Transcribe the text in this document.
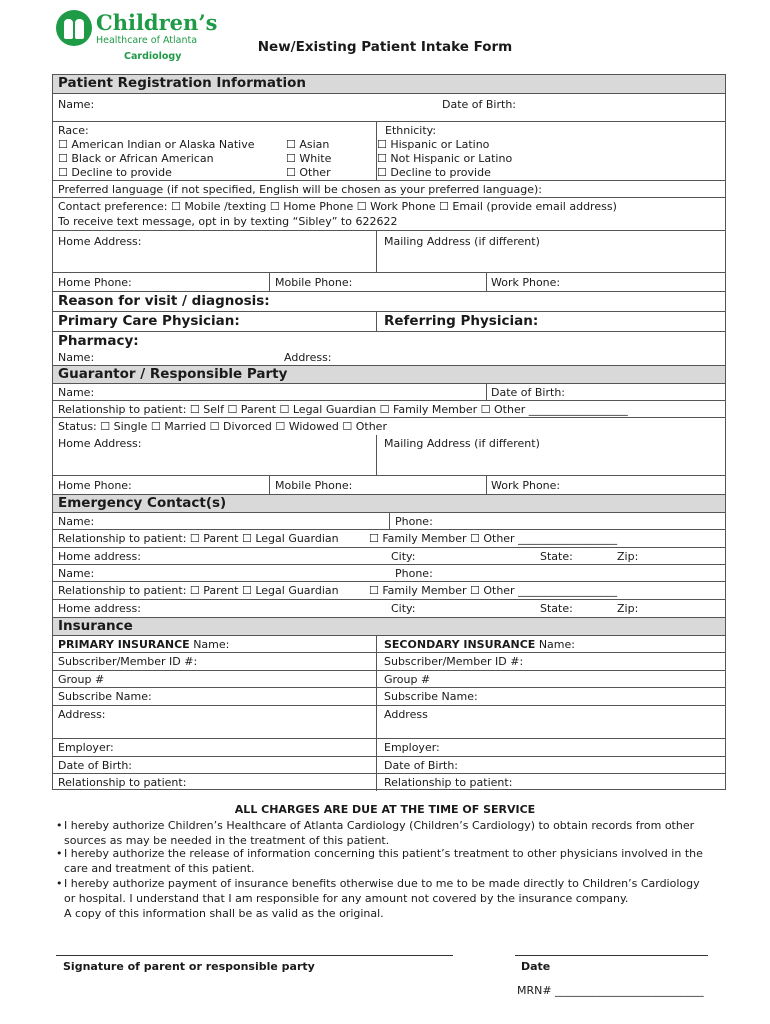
Children’s
Healthcare of Atlanta
Cardiology
New/Existing Patient Intake Form
Patient Registration Information
Name:	Date of Birth:
Race:
☐ American Indian or Alaska Native
☐ Black or African American
☐ Decline to provide
☐ Asian
☐ White
☐ Other
Ethnicity:
☐ Hispanic or Latino
☐ Not Hispanic or Latino
☐ Decline to provide
Preferred language (if not specified, English will be chosen as your preferred language):
Contact preference: ☐ Mobile /texting ☐ Home Phone ☐ Work Phone ☐ Email (provide email address)
To receive text message, opt in by texting “Sibley” to 622622
Home Address:	Mailing Address (if different)
Home Phone:	Mobile Phone:	Work Phone:
Reason for visit / diagnosis:
Primary Care Physician:	Referring Physician:
Pharmacy:
Name:	Address:
Guarantor / Responsible Party
Name:	Date of Birth:
Relationship to patient: ☐ Self ☐ Parent ☐ Legal Guardian ☐ Family Member ☐ Other __________________
Status: ☐ Single ☐ Married ☐ Divorced ☐ Widowed ☐ Other
Home Address:	Mailing Address (if different)
Home Phone:	Mobile Phone:	Work Phone:
Emergency Contact(s)
Name:	Phone:
Relationship to patient: ☐ Parent ☐ Legal Guardian	☐ Family Member ☐ Other __________________
Home address:	City:	State:	Zip:
Name:	Phone:
Relationship to patient: ☐ Parent ☐ Legal Guardian	☐ Family Member ☐ Other __________________
Home address:	City:	State:	Zip:
Insurance
PRIMARY INSURANCE Name:	SECONDARY INSURANCE Name:
Subscriber/Member ID #:	Subscriber/Member ID #:
Group #	Group #
Subscribe Name:	Subscribe Name:
Address:	Address
Employer:	Employer:
Date of Birth:	Date of Birth:
Relationship to patient:	Relationship to patient:
ALL CHARGES ARE DUE AT THE TIME OF SERVICE
• I hereby authorize Children’s Healthcare of Atlanta Cardiology (Children’s Cardiology) to obtain records from other
sources as may be needed in the treatment of this patient.
• I hereby authorize the release of information concerning this patient’s treatment to other physicians involved in the
care and treatment of this patient.
• I hereby authorize payment of insurance benefits otherwise due to me to be made directly to Children’s Cardiology
or hospital. I understand that I am responsible for any amount not covered by the insurance company.
A copy of this information shall be as valid as the original.
Signature of parent or responsible party	Date
MRN# ___________________________
